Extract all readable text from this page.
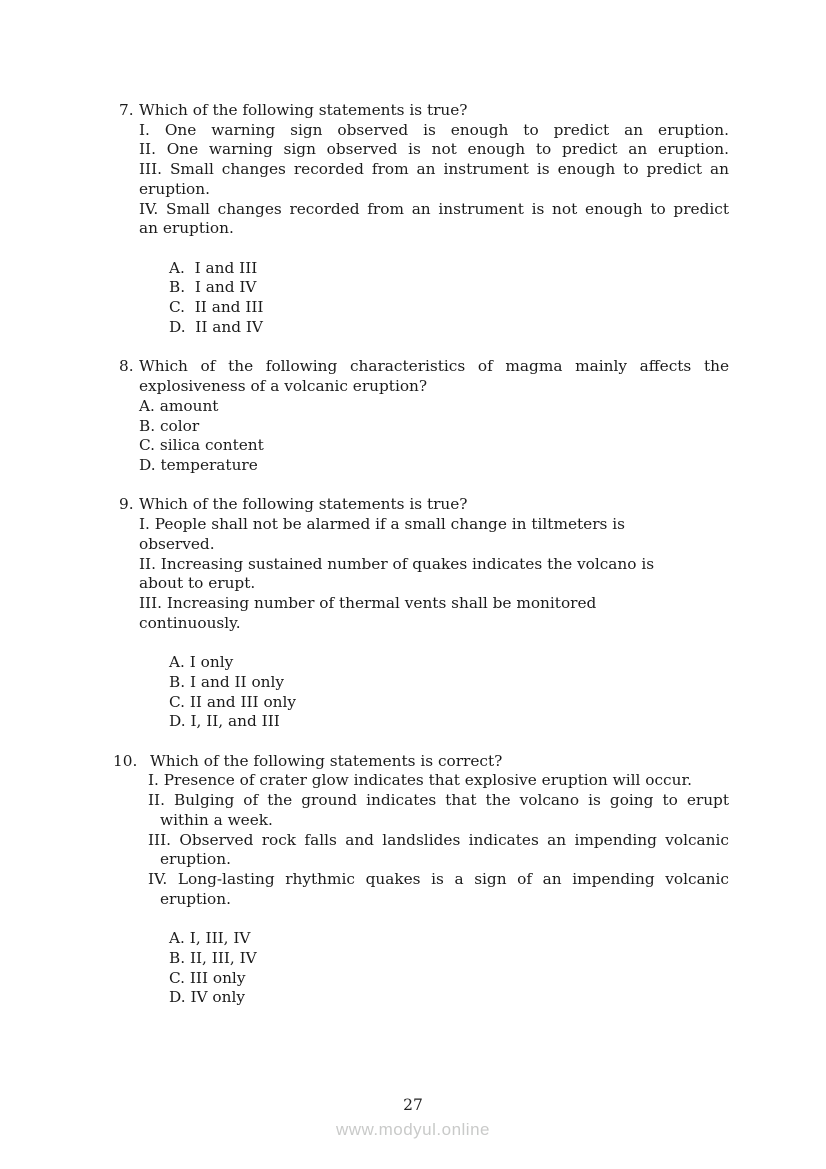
7. Which of the following statements is true?
I. One warning sign observed is enough to predict an eruption.
II. One warning sign observed is not enough to predict an eruption.
III. Small changes recorded from an instrument is enough to predict an
eruption.
IV. Small changes recorded from an instrument is not enough to predict
an eruption.
A.  I and III
B.  I and IV
C.  II and III
D.  II and IV
8. Which of the following characteristics of magma mainly affects the
explosiveness of a volcanic eruption?
A. amount
B. color
C. silica content
D. temperature
9. Which of the following statements is true?
I. People shall not be alarmed if a small change in tiltmeters is
observed.
II. Increasing sustained number of quakes indicates the volcano is
about to erupt.
III. Increasing number of thermal vents shall be monitored
continuously.
A. I only
B. I and II only
C. II and III only
D. I, II, and III
10. Which of the following statements is correct?
I. Presence of crater glow indicates that explosive eruption will occur.
II. Bulging of the ground indicates that the volcano is going to erupt
within a week.
III. Observed rock falls and landslides indicates an impending volcanic
eruption.
IV. Long-lasting rhythmic quakes is a sign of an impending volcanic
eruption.
A. I, III, IV
B. II, III, IV
C. III only
D. IV only
27
www.modyul.online
